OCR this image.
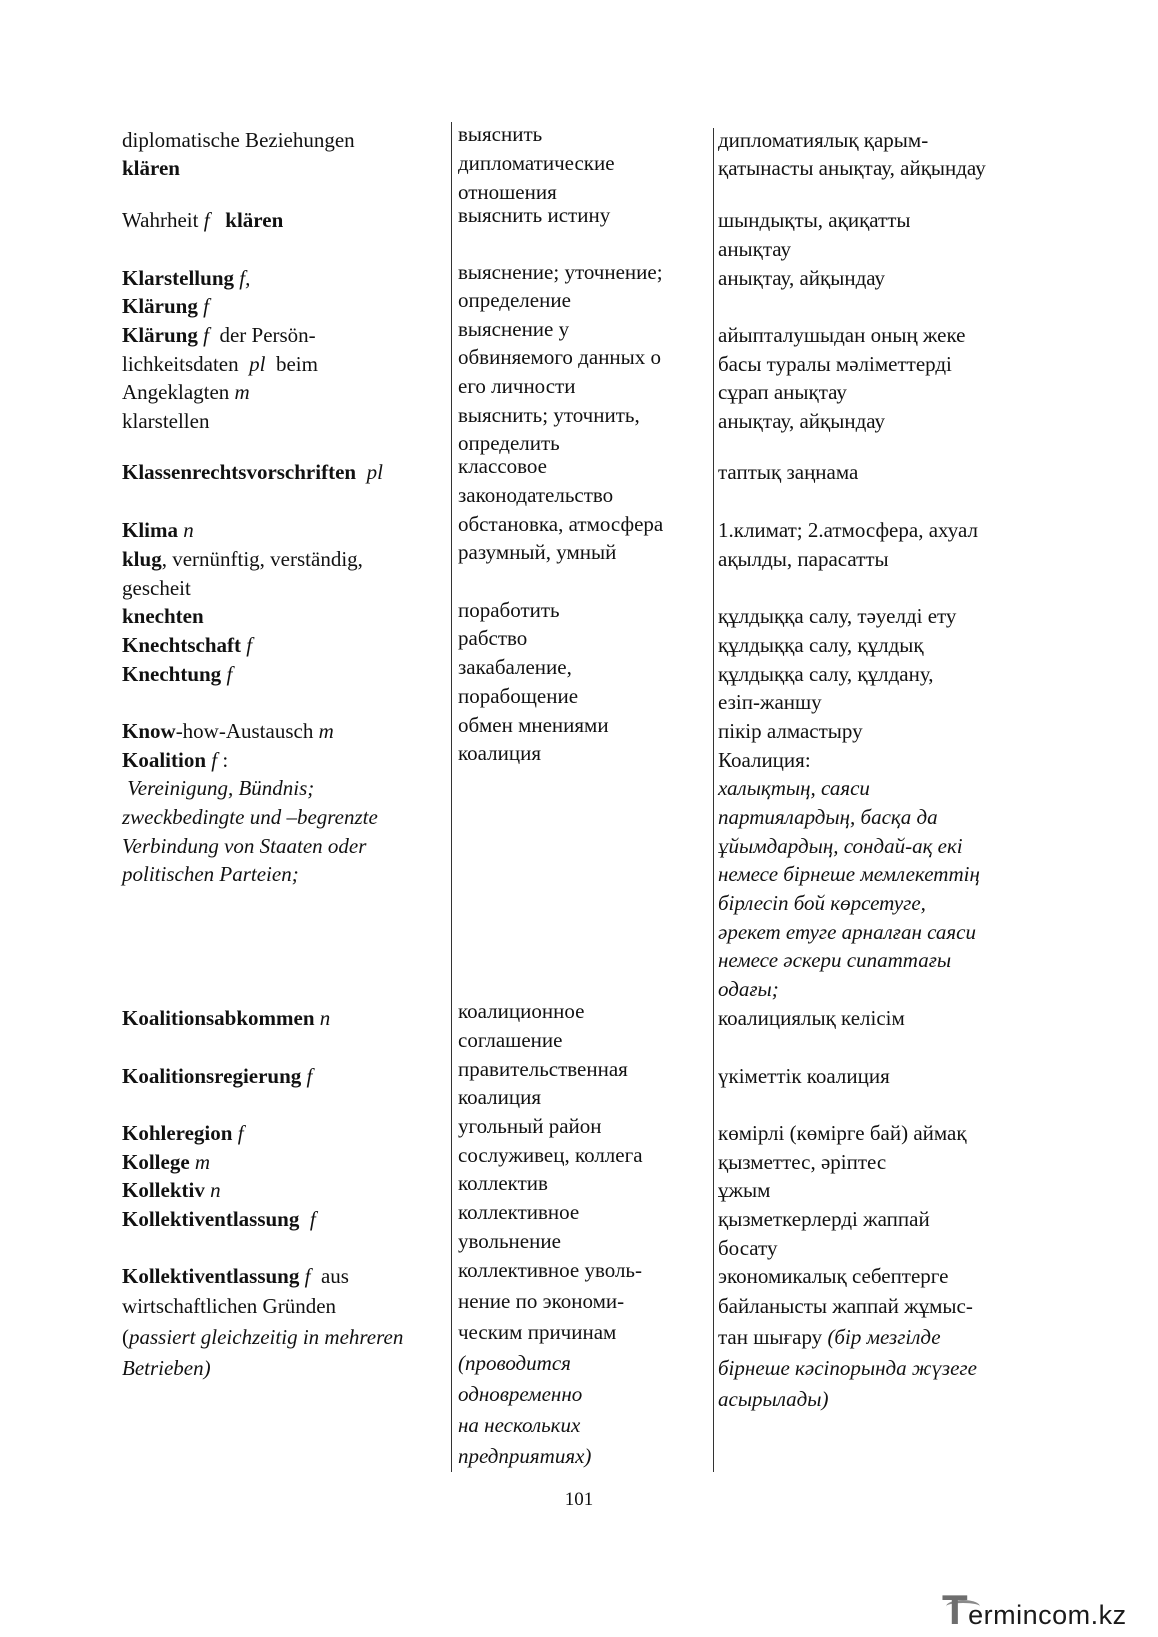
diplomatische Beziehungen
klären
Wahrheit f klären
Klarstellung f,
Klärung f
Klärung f  der Persön-
lichkeitsdaten  pl  beim
Angeklagten m
klarstellen
Klassenrechtsvorschriften  pl
Klima n
klug, vernünftig, verständig,
gescheit
knechten
Knechtschaft f
Knechtung f
Know-how-Austausch m
Koalition f :
Vereinigung, Bündnis;
zweckbedingte und –begrenzte
Verbindung von Staaten oder
politischen Parteien;
Koalitionsabkommen n
Koalitionsregierung f
Kohleregion f
Kollege m
Kollektiv n
Kollektiventlassung  f
Kollektiventlassung f  aus
wirtschaftlichen Gründen
(passiert gleichzeitig in mehreren
Betrieben)
выяснить
дипломатические
отношения
выяснить истину
выяснение; уточнение;
определение
выяснение у
обвиняемого данных о
его личности
выяснить; уточнить,
определить
классовое
законодательство
обстановка, атмосфера
разумный, умный
поработить
рабство
закабаление,
порабощение
обмен мнениями
коалиция
коалиционное
соглашение
правительственная
коалиция
угольный район
сослуживец, коллега
коллектив
коллективное
увольнение
коллективное уволь-
нение по экономи-
ческим причинам
(проводится
одновременно
на нескольких
предприятиях)
дипломатиялық қарым-
қатынасты анықтау, айқындау
шындықты, ақиқатты
анықтау
анықтау, айқындау
айыпталушыдан оның жеке
басы туралы мәліметтерді
сұрап анықтау
анықтау, айқындау
таптық заңнама
1.климат; 2.атмосфера, ахуал
ақылды, парасатты
құлдыққа салу, тәуелді ету
құлдыққа салу, құлдық
құлдыққа салу, құлдану,
езіп-жаншу
пікір алмастыру
Коалиция:
халықтың, саяси
партиялардың, басқа да
ұйымдардың, сондай-ақ екі
немесе бірнеше мемлекеттің
бірлесіп бой көрсетуге,
әрекет етуге арналған саяси
немесе әскери сипаттағы
одағы;
коалициялық келісім
үкіметтік коалиция
көмірлі (көмірге бай) аймақ
қызметтес, әріптес
ұжым
қызметкерлерді жаппай
босату
экономикалық себептерге
байланысты жаппай жұмыс-
тан шығару (бір мезгілде
бірнеше кәсіпорында жүзеге
асырылады)
101
Termincom.kz
